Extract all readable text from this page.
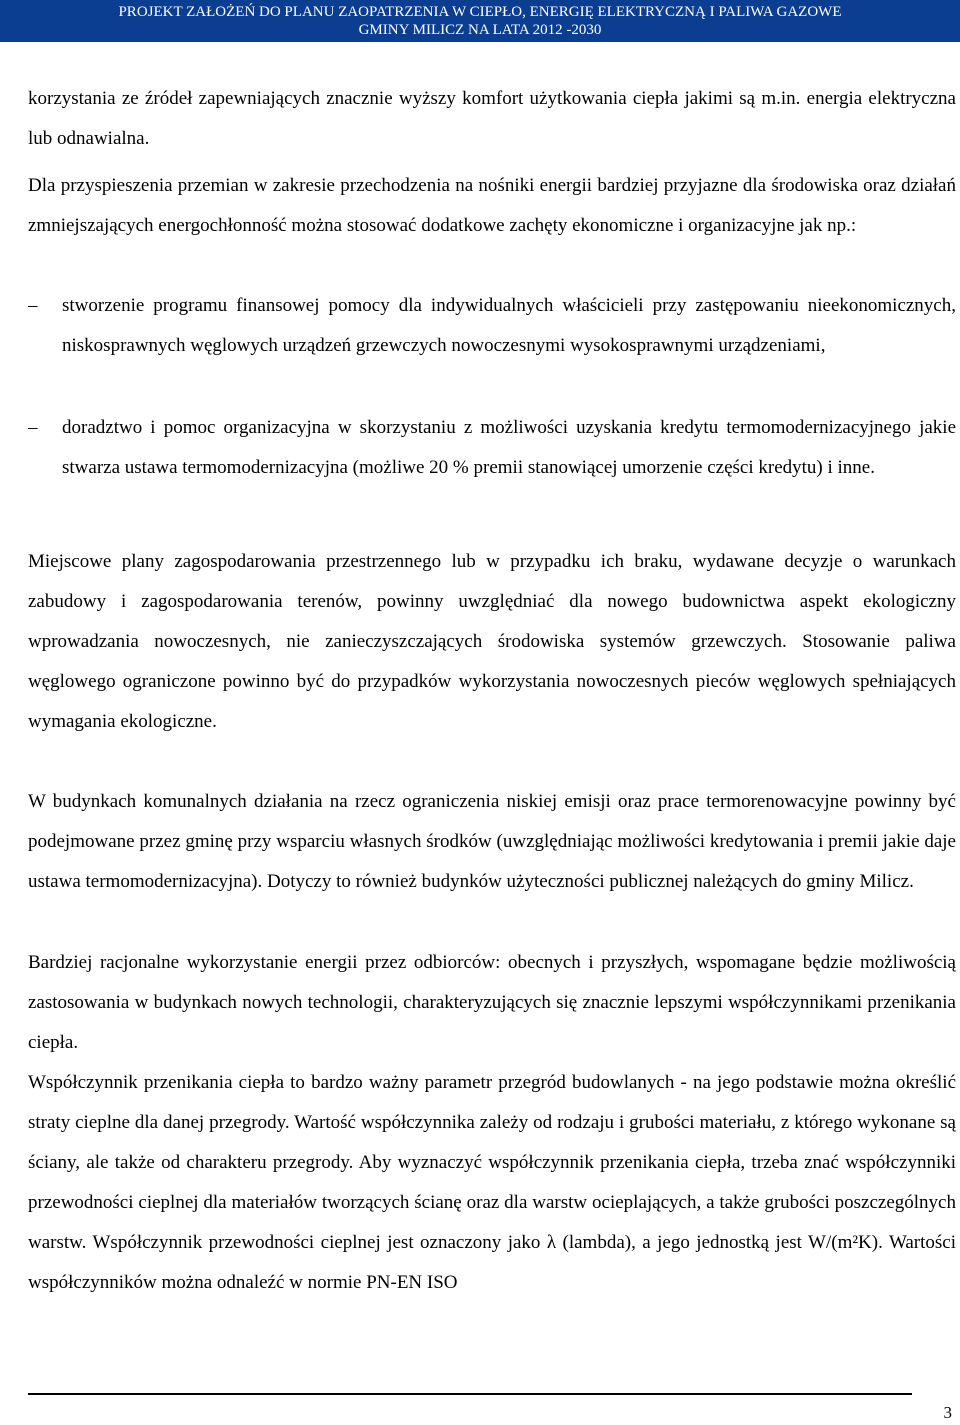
PROJEKT ZAŁOŻEŃ DO PLANU ZAOPATRZENIA W CIEPŁO, ENERGIĘ ELEKTRYCZNĄ I PALIWA GAZOWE
GMINY MILICZ NA LATA 2012 -2030

korzystania ze źródeł zapewniających znacznie wyższy komfort użytkowania ciepła jakimi są m.in. energia elektryczna lub odnawialna.

Dla przyspieszenia przemian w zakresie przechodzenia na nośniki energii bardziej przyjazne dla środowiska oraz działań zmniejszających energochłonność można stosować dodatkowe zachęty ekonomiczne i organizacyjne jak np.:

– stworzenie programu finansowej pomocy dla indywidualnych właścicieli przy zastępowaniu nieekonomicznych, niskosprawnych węglowych urządzeń grzewczych nowoczesnymi wysokosprawnymi urządzeniami,

– doradztwo i pomoc organizacyjna w skorzystaniu z możliwości uzyskania kredytu termomodernizacyjnego jakie stwarza ustawa termomodernizacyjna (możliwe 20 % premii stanowiącej umorzenie części kredytu) i inne.

Miejscowe plany zagospodarowania przestrzennego lub w przypadku ich braku, wydawane decyzje o warunkach zabudowy i zagospodarowania terenów, powinny uwzględniać dla nowego budownictwa aspekt ekologiczny wprowadzania nowoczesnych, nie zanieczyszczających środowiska systemów grzewczych. Stosowanie paliwa węglowego ograniczone powinno być do przypadków wykorzystania nowoczesnych pieców węglowych spełniających wymagania ekologiczne.

W budynkach komunalnych działania na rzecz ograniczenia niskiej emisji oraz prace termorenowacyjne powinny być podejmowane przez gminę przy wsparciu własnych środków (uwzględniając możliwości kredytowania i premii jakie daje ustawa termomodernizacyjna). Dotyczy to również budynków użyteczności publicznej należących do gminy Milicz.

Bardziej racjonalne wykorzystanie energii przez odbiorców: obecnych i przyszłych, wspomagane będzie możliwością zastosowania w budynkach nowych technologii, charakteryzujących się znacznie lepszymi współczynnikami przenikania ciepła.

Współczynnik przenikania ciepła to bardzo ważny parametr przegród budowlanych - na jego podstawie można określić straty cieplne dla danej przegrody. Wartość współczynnika zależy od rodzaju i grubości materiału, z którego wykonane są ściany, ale także od charakteru przegrody. Aby wyznaczyć współczynnik przenikania ciepła, trzeba znać współczynniki przewodności cieplnej dla materiałów tworzących ścianę oraz dla warstw ocieplających, a także grubości poszczególnych warstw. Współczynnik przewodności cieplnej jest oznaczony jako λ (lambda), a jego jednostką jest W/(m²K). Wartości współczynników można odnaleźć w normie PN-EN ISO

3
